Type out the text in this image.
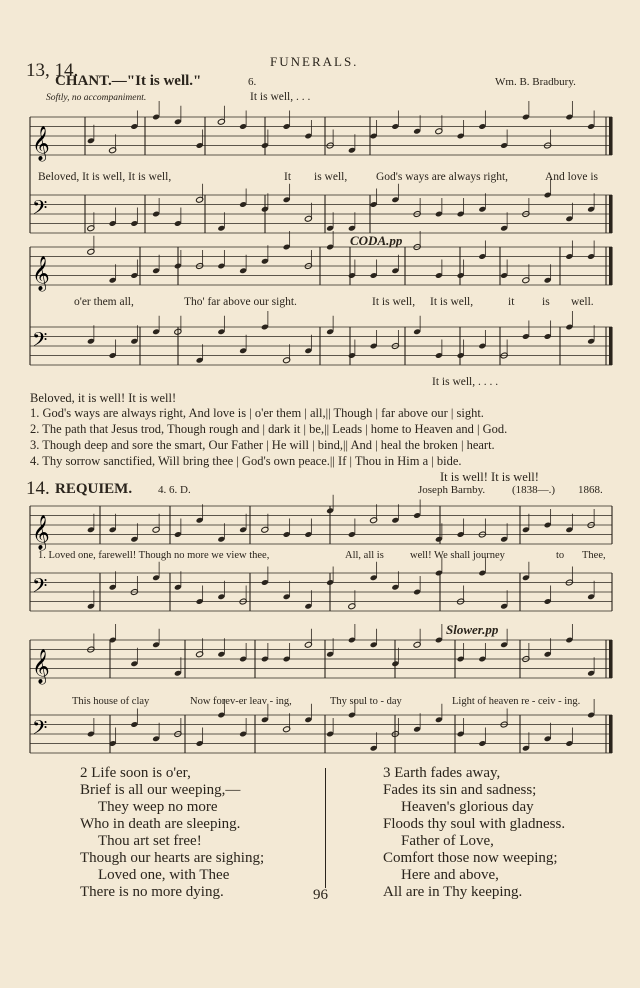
𝄞
𝄢
𝄞
𝄢
𝄞
𝄢
𝄞
𝄢
FUNERALS.
13, 14.
CHANT.—"It is well."	6.	Wm. B. Bradbury.
Softly, no accompaniment.	It is well, . . .
Beloved, It is well, It is well,	It is well,	God's ways are always right,	And love is
CODA.pp
o'er them all,	Tho' far above our sight.	It is well, It is well,	it is well.
It is well, . . . .
Beloved, it is well! It is well!
1. God's ways are always right, And love is | o'er them | all,|| Though | far above our | sight.
2. The path that Jesus trod, Though rough and | dark it | be,|| Leads | home to Heaven and | God.
3. Though deep and sore the smart, Our Father | He will | bind,|| And | heal the broken | heart.
4. Thy sorrow sanctified, Will bring thee | God's own peace.|| If | Thou in Him a | bide.
It is well! It is well!
14. REQUIEM. 4. 6. D.	Joseph Barnby. (1838—.) 1868.
1. Loved one, farewell! Though no more we view thee,	All, all is well! We shall journey	to Thee,
Slower.pp
This house of clay	Now forev-er leav - ing,	Thy soul to - day	Light of heaven re - ceiv - ing.
2 Life soon is o'er,
Brief is all our weeping,—
They weep no more
Who in death are sleeping.
Thou art set free!
Though our hearts are sighing;
Loved one, with Thee
There is no more dying.
3 Earth fades away,
Fades its sin and sadness;
Heaven's glorious day
Floods thy soul with gladness.
Father of Love,
Comfort those now weeping;
Here and above,
All are in Thy keeping.
96
